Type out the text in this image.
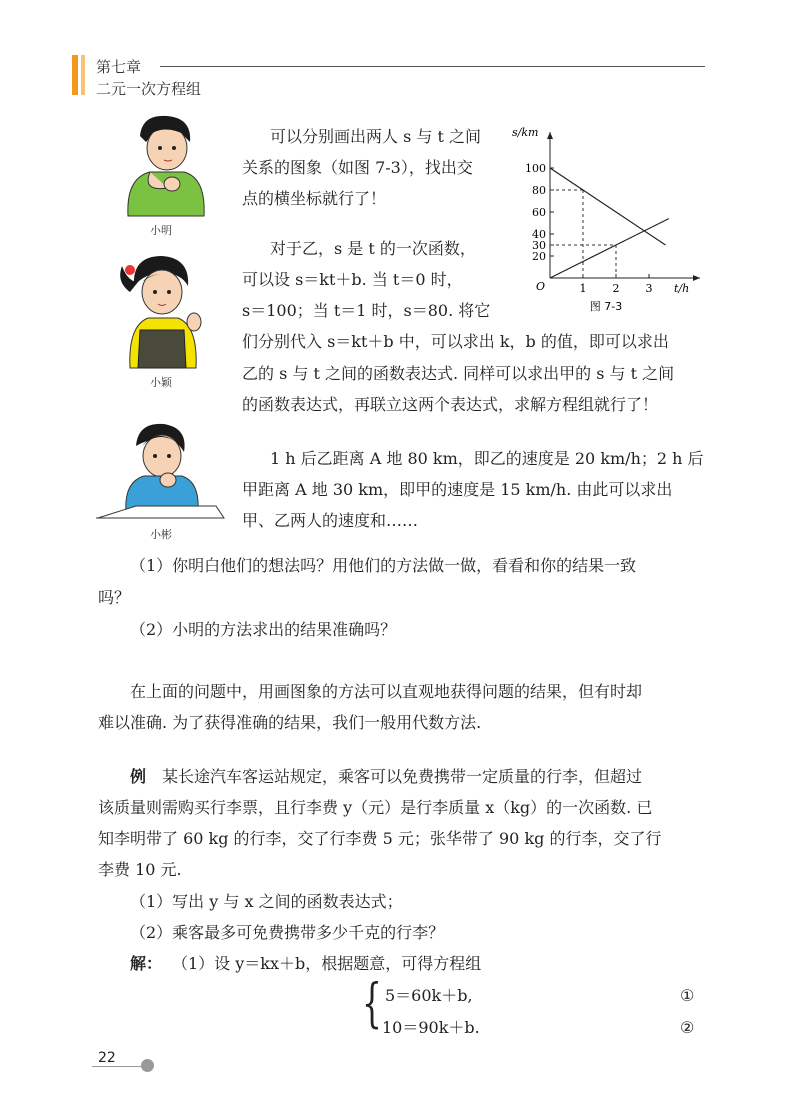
第七章
二元一次方程组
小明
小颖
小彬
s/km
t/h
O
100
80
60
40
30
20
1 2 3
图 7-3
可以分别画出两人 s 与 t 之间
关系的图象（如图 7-3），找出交
点的横坐标就行了！
对于乙，s 是 t 的一次函数，
可以设 s＝kt＋b. 当 t＝0 时，
s＝100；当 t＝1 时，s＝80. 将它
们分别代入 s＝kt＋b 中，可以求出 k，b 的值，即可以求出
乙的 s 与 t 之间的函数表达式. 同样可以求出甲的 s 与 t 之间
的函数表达式，再联立这两个表达式，求解方程组就行了！
1 h 后乙距离 A 地 80 km，即乙的速度是 20 km/h；2 h 后
甲距离 A 地 30 km，即甲的速度是 15 km/h. 由此可以求出
甲、乙两人的速度和……
（1）你明白他们的想法吗？用他们的方法做一做，看看和你的结果一致
吗？
（2）小明的方法求出的结果准确吗？
在上面的问题中，用画图象的方法可以直观地获得问题的结果，但有时却
难以准确. 为了获得准确的结果，我们一般用代数方法.
例 某长途汽车客运站规定，乘客可以免费携带一定质量的行李，但超过
该质量则需购买行李票，且行李费 y（元）是行李质量 x（kg）的一次函数. 已
知李明带了 60 kg 的行李，交了行李费 5 元；张华带了 90 kg 的行李，交了行
李费 10 元.
（1）写出 y 与 x 之间的函数表达式；
（2）乘客最多可免费携带多少千克的行李？
解： （1）设 y＝kx＋b，根据题意，可得方程组
{ 5＝60k＋b,
10＝90k＋b.
①
②
22
